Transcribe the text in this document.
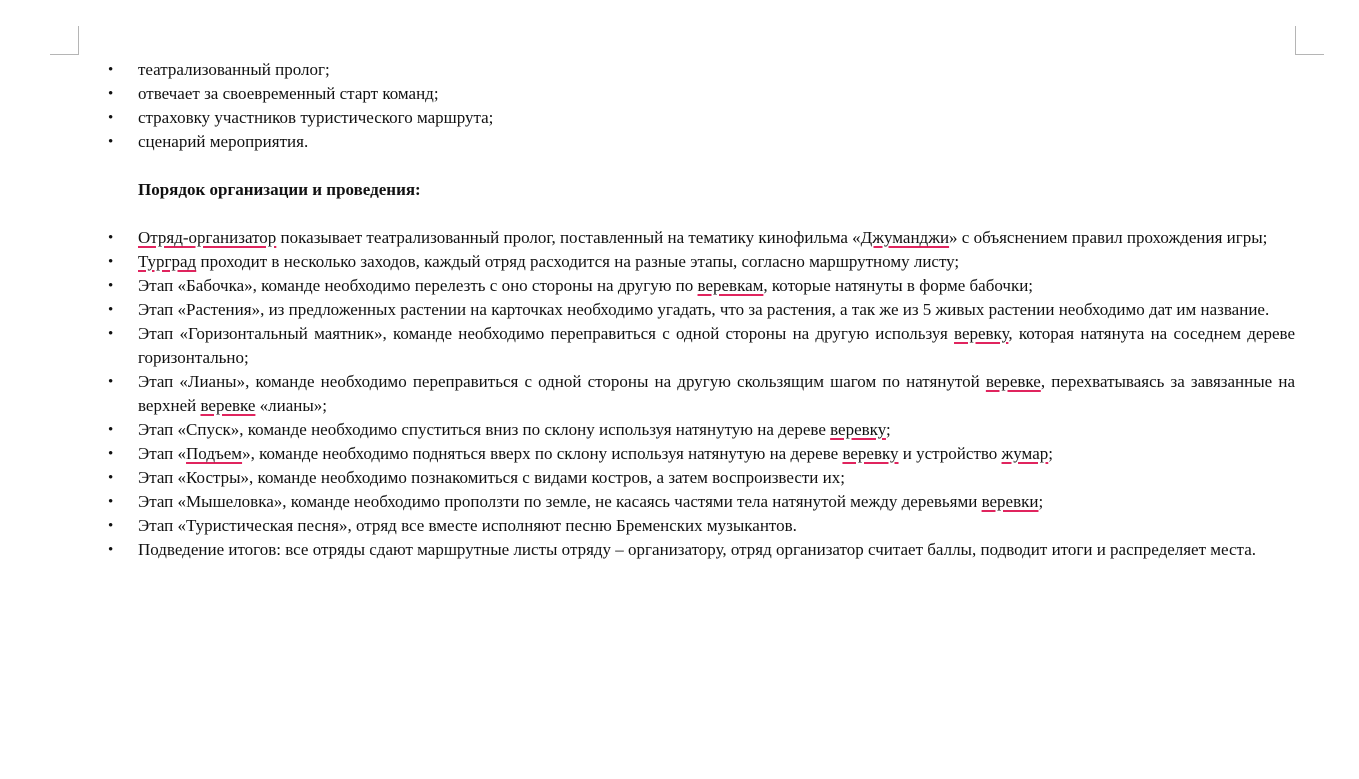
•	театрализованный пролог;
•	отвечает за своевременный старт команд;
•	страховку участников туристического маршрута;
•	сценарий мероприятия.
Порядок организации и проведения:
•	Отряд-организатор показывает театрализованный пролог, поставленный на тематику кинофильма «Джуманджи» с объяснением правил прохождения игры;
•	Турград проходит в несколько заходов, каждый отряд расходится на разные этапы, согласно маршрутному листу;
•	Этап «Бабочка», команде необходимо перелезть с оно стороны на другую по веревкам, которые натянуты в форме бабочки;
•	Этап «Растения», из предложенных растении на карточках необходимо угадать, что за растения, а так же из 5 живых растении необходимо дат им название.
•	Этап «Горизонтальный маятник», команде необходимо переправиться с одной стороны на другую используя веревку, которая натянута на соседнем дереве горизонтально;
•	Этап «Лианы», команде необходимо переправиться с одной стороны на другую скользящим шагом по натянутой веревке, перехватываясь за завязанные на верхней веревке «лианы»;
•	Этап «Спуск», команде необходимо спуститься вниз по склону используя натянутую на дереве веревку;
•	Этап «Подъем», команде необходимо подняться вверх по склону используя натянутую на дереве веревку и устройство жумар;
•	Этап «Костры», команде необходимо познакомиться с видами костров, а затем воспроизвести их;
•	Этап «Мышеловка», команде необходимо проползти по земле, не касаясь частями тела натянутой между деревьями веревки;
•	Этап «Туристическая песня», отряд все вместе исполняют песню Бременских музыкантов.
•	Подведение итогов: все отряды сдают маршрутные листы отряду – организатору, отряд организатор считает баллы, подводит итоги и распределяет места.
